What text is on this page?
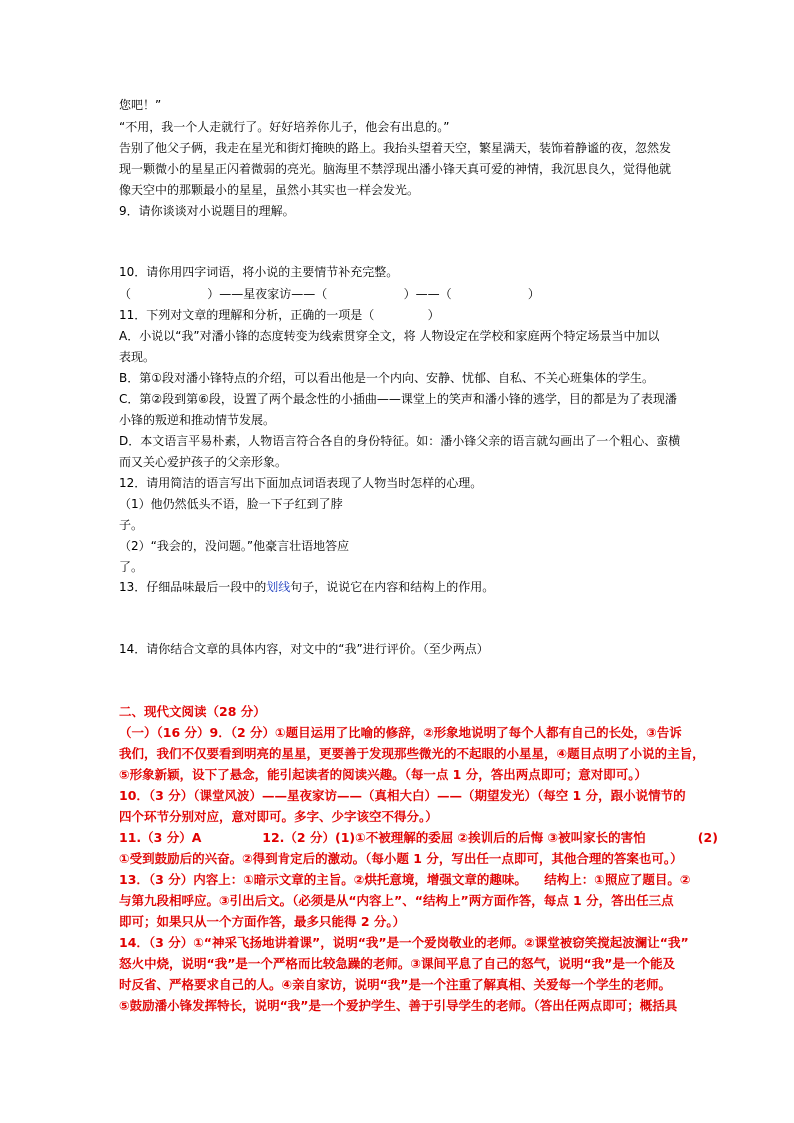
您吧！”
“不用，我一个人走就行了。好好培养你儿子，他会有出息的。”
告别了他父子俩，我走在星光和街灯掩映的路上。我抬头望着天空，繁星满天，装饰着静谧的夜，忽然发
现一颗微小的星星正闪着微弱的亮光。脑海里不禁浮现出潘小锋天真可爱的神情，我沉思良久，觉得他就
像天空中的那颗最小的星星，虽然小其实也一样会发光。
9．请你谈谈对小说题目的理解。
10．请你用四字词语，将小说的主要情节补充完整。
（                    ）——星夜家访——（                    ）——（                    ）
11．下列对文章的理解和分析，正确的一项是（              ）
A．小说以“我”对潘小锋的态度转变为线索贯穿全文，将 人物设定在学校和家庭两个特定场景当中加以
表现。
B．第①段对潘小锋特点的介绍，可以看出他是一个内向、安静、忧郁、自私、不关心班集体的学生。
C．第②段到第⑥段，设置了两个最念性的小插曲——课堂上的笑声和潘小锋的逃学，目的都是为了表现潘
小锋的叛逆和推动情节发展。
D．本文语言平易朴素，人物语言符合各自的身份特征。如：潘小锋父亲的语言就勾画出了一个粗心、蛮横
而又关心爱护孩子的父亲形象。
12．请用简洁的语言写出下面加点词语表现了人物当时怎样的心理。
（1）他仍然低头不语，脸一下子红到了脖
子。
（2）“我会的，没问题。”他豪言壮语地答应
了。
13．仔细品味最后一段中的划线句子，说说它在内容和结构上的作用。
14．请你结合文章的具体内容，对文中的“我”进行评价。（至少两点）
二、现代文阅读（28 分）
（一）（16 分）9．（2 分）①题目运用了比喻的修辞，②形象地说明了每个人都有自己的长处，③告诉
我们，我们不仅要看到明亮的星星，更要善于发现那些微光的不起眼的小星星，④题目点明了小说的主旨，
⑤形象新颖，设下了悬念，能引起读者的阅读兴趣。（每一点 1 分，答出两点即可；意对即可。）
10．（3 分）（课堂风波）——星夜家访——（真相大白）——（期望发光）（每空 1 分，跟小说情节的
四个环节分别对应，意对即可。多字、少字该空不得分。）
11.（3 分）A              12.（2 分）(1)①不被理解的委屈 ②挨训后的后悔 ③被叫家长的害怕            (2)
①受到鼓励后的兴奋。②得到肯定后的激动。（每小题 1 分，写出任一点即可，其他合理的答案也可。）
13．（3 分）内容上：①暗示文章的主旨。②烘托意境，增强文章的趣味。    结构上：①照应了题目。②
与第九段相呼应。③引出后文。（必须是从“内容上”、“结构上”两方面作答，每点 1 分，答出任三点
即可；如果只从一个方面作答，最多只能得 2 分。）
14．（3 分）①“神采飞扬地讲着课”，说明“我”是一个爱岗敬业的老师。②课堂被窃笑搅起波澜让“我”
怒火中烧，说明“我”是一个严格而比较急躁的老师。③课间平息了自己的怒气，说明“我”是一个能及
时反省、严格要求自己的人。④亲自家访，说明“我”是一个注重了解真相、关爱每一个学生的老师。
⑤鼓励潘小锋发挥特长，说明“我”是一个爱护学生、善于引导学生的老师。（答出任两点即可；概括具
